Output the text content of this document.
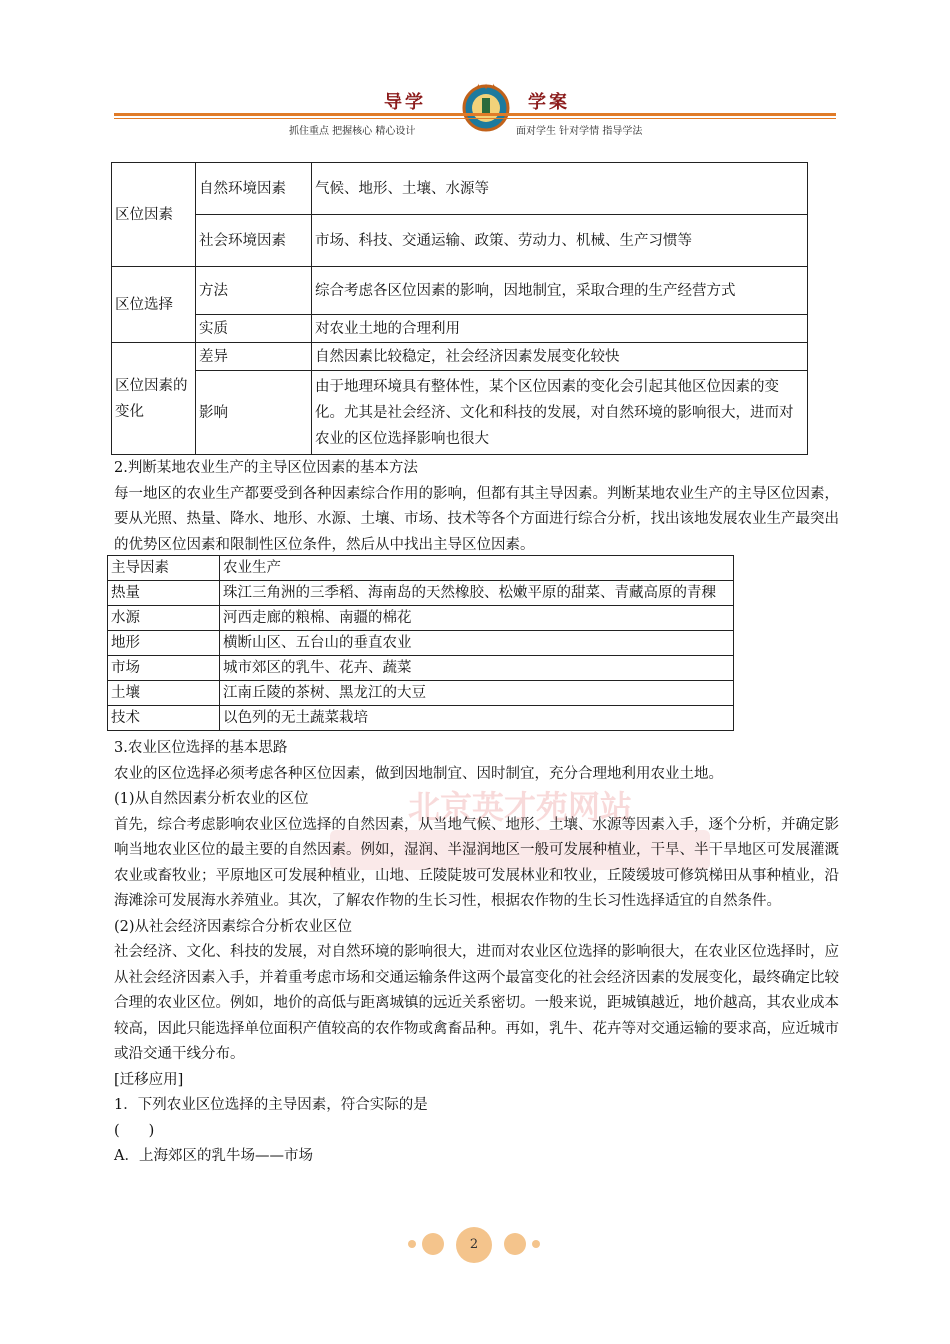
导学
✦✦✦
学案
抓住重点 把握核心 精心设计	面对学生 针对学情 指导学法
区位因素	自然环境因素	气候、地形、土壤、水源等
	社会环境因素	市场、科技、交通运输、政策、劳动力、机械、生产习惯等
区位选择	方法	综合考虑各区位因素的影响，因地制宜，采取合理的生产经营方式
	实质	对农业土地的合理利用
区位因素的变化	差异	自然因素比较稳定，社会经济因素发展变化较快
	影响	由于地理环境具有整体性，某个区位因素的变化会引起其他区位因素的变化。尤其是社会经济、文化和科技的发展，对自然环境的影响很大，进而对农业的区位选择影响也很大

2.判断某地农业生产的主导区位因素的基本方法

每一地区的农业生产都要受到各种因素综合作用的影响，但都有其主导因素。判断某地农业生产的主导区位因素，要从光照、热量、降水、地形、水源、土壤、市场、技术等各个方面进行综合分析，找出该地发展农业生产最突出的优势区位因素和限制性区位条件，然后从中找出主导区位因素。

主导因素	农业生产
热量	珠江三角洲的三季稻、海南岛的天然橡胶、松嫩平原的甜菜、青藏高原的青稞
水源	河西走廊的粮棉、南疆的棉花
地形	横断山区、五台山的垂直农业
市场	城市郊区的乳牛、花卉、蔬菜
土壤	江南丘陵的茶树、黑龙江的大豆
技术	以色列的无土蔬菜栽培
北京英才苑网站

3.农业区位选择的基本思路

农业的区位选择必须考虑各种区位因素，做到因地制宜、因时制宜，充分合理地利用农业土地。

(1)从自然因素分析农业的区位

首先，综合考虑影响农业区位选择的自然因素，从当地气候、地形、土壤、水源等因素入手，逐个分析，并确定影响当地农业区位的最主要的自然因素。例如，湿润、半湿润地区一般可发展种植业，干旱、半干旱地区可发展灌溉农业或畜牧业；平原地区可发展种植业，山地、丘陵陡坡可发展林业和牧业，丘陵缓坡可修筑梯田从事种植业，沿海滩涂可发展海水养殖业。其次，了解农作物的生长习性，根据农作物的生长习性选择适宜的自然条件。

(2)从社会经济因素综合分析农业区位

社会经济、文化、科技的发展，对自然环境的影响很大，进而对农业区位选择的影响很大，在农业区位选择时，应从社会经济因素入手，并着重考虑市场和交通运输条件这两个最富变化的社会经济因素的发展变化，最终确定比较合理的农业区位。例如，地价的高低与距离城镇的远近关系密切。一般来说，距城镇越近，地价越高，其农业成本较高，因此只能选择单位面积产值较高的农作物或禽畜品种。再如，乳牛、花卉等对交通运输的要求高，应近城市或沿交通干线分布。

[迁移应用]

1．下列农业区位选择的主导因素，符合实际的是

(　　)

A．上海郊区的乳牛场——市场

2
